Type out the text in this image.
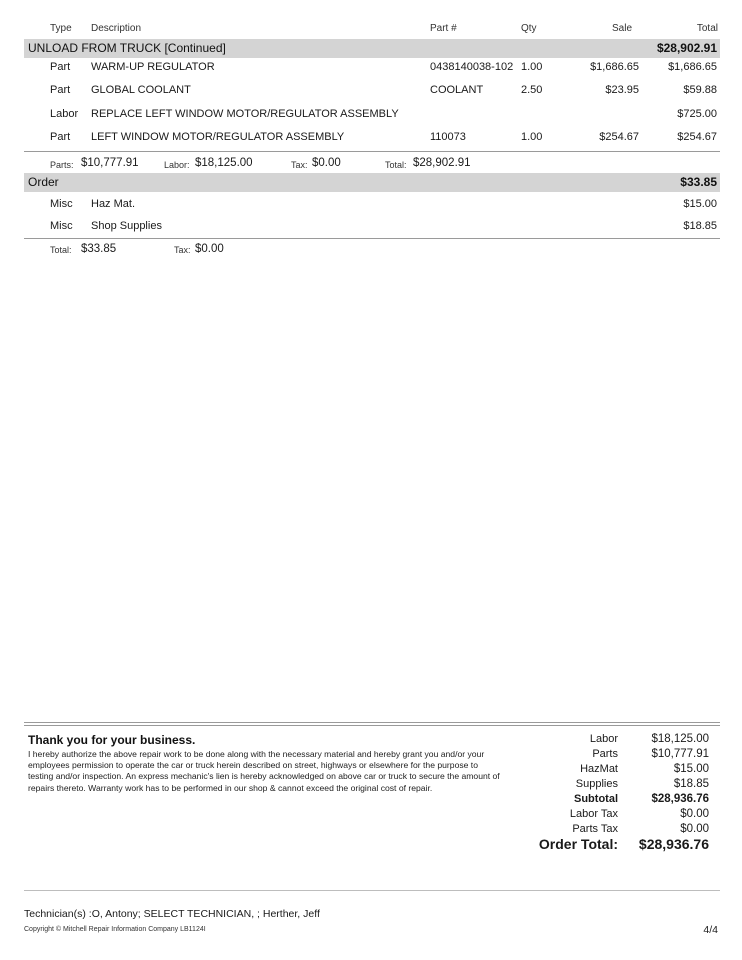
Type Description	Part #	Qty	Sale	Total
UNLOAD FROM TRUCK [Continued]	$28,902.91
Part WARM-UP REGULATOR	0438140038-102 1.00	$1,686.65	$1,686.65
Part GLOBAL COOLANT	COOLANT	2.50	$23.95	$59.88
Labor REPLACE LEFT WINDOW MOTOR/REGULATOR ASSEMBLY	$725.00
Part LEFT WINDOW MOTOR/REGULATOR ASSEMBLY	110073	1.00	$254.67	$254.67
Parts: $10,777.91	Labor: $18,125.00	Tax: $0.00	Total: $28,902.91
Order	$33.85
Misc Haz Mat.	$15.00
Misc Shop Supplies	$18.85
Total: $33.85	Tax: $0.00
Thank you for your business.
I hereby authorize the above repair work to be done along with the necessary material and hereby grant you and/or your employees permission to operate the car or truck herein described on street, highways or elsewhere for the purpose to testing and/or inspection. An express mechanic's lien is hereby acknowledged on above car or truck to secure the amount of repairs thereto. Warranty work has to be performed in our shop & cannot exceed the original cost of repair.
Labor	$18,125.00
Parts	$10,777.91
HazMat	$15.00
Supplies	$18.85
Subtotal	$28,936.76
Labor Tax	$0.00
Parts Tax	$0.00
Order Total:	$28,936.76
Technician(s) :O, Antony; SELECT TECHNICIAN, ; Herther, Jeff
Copyright © Mitchell Repair Information Company LB1124I	4/4
